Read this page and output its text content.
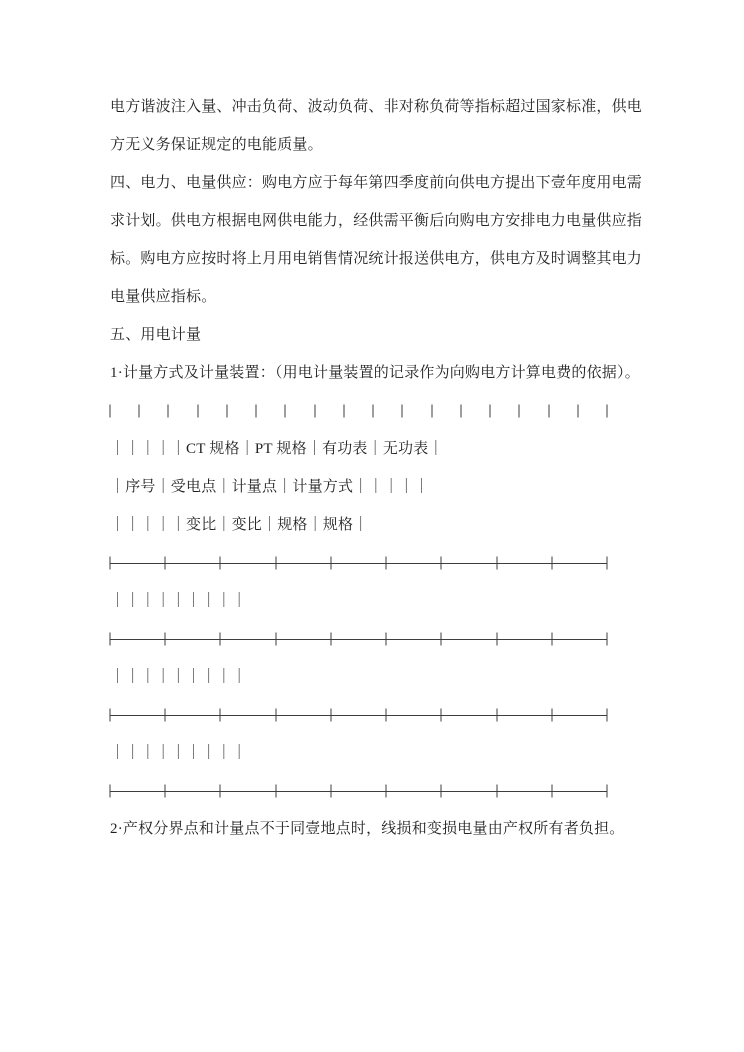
电方谐波注入量、冲击负荷、波动负荷、非对称负荷等指标超过国家标准，供电
方无义务保证规定的电能质量。
四、电力、电量供应：购电方应于每年第四季度前向供电方提出下壹年度用电需
求计划。供电方根据电网供电能力，经供需平衡后向购电方安排电力电量供应指
标。购电方应按时将上月用电销售情况统计报送供电方，供电方及时调整其电力
电量供应指标。
五、用电计量
1·计量方式及计量装置：（用电计量装置的记录作为向购电方计算电费的依据）。
｜｜｜｜｜CT 规格｜PT 规格｜有功表｜无功表｜
｜序号｜受电点｜计量点｜计量方式｜｜｜｜｜
｜｜｜｜｜变比｜变比｜规格｜规格｜
｜｜｜｜｜｜｜｜｜
｜｜｜｜｜｜｜｜｜
｜｜｜｜｜｜｜｜｜
2·产权分界点和计量点不于同壹地点时，线损和变损电量由产权所有者负担。
